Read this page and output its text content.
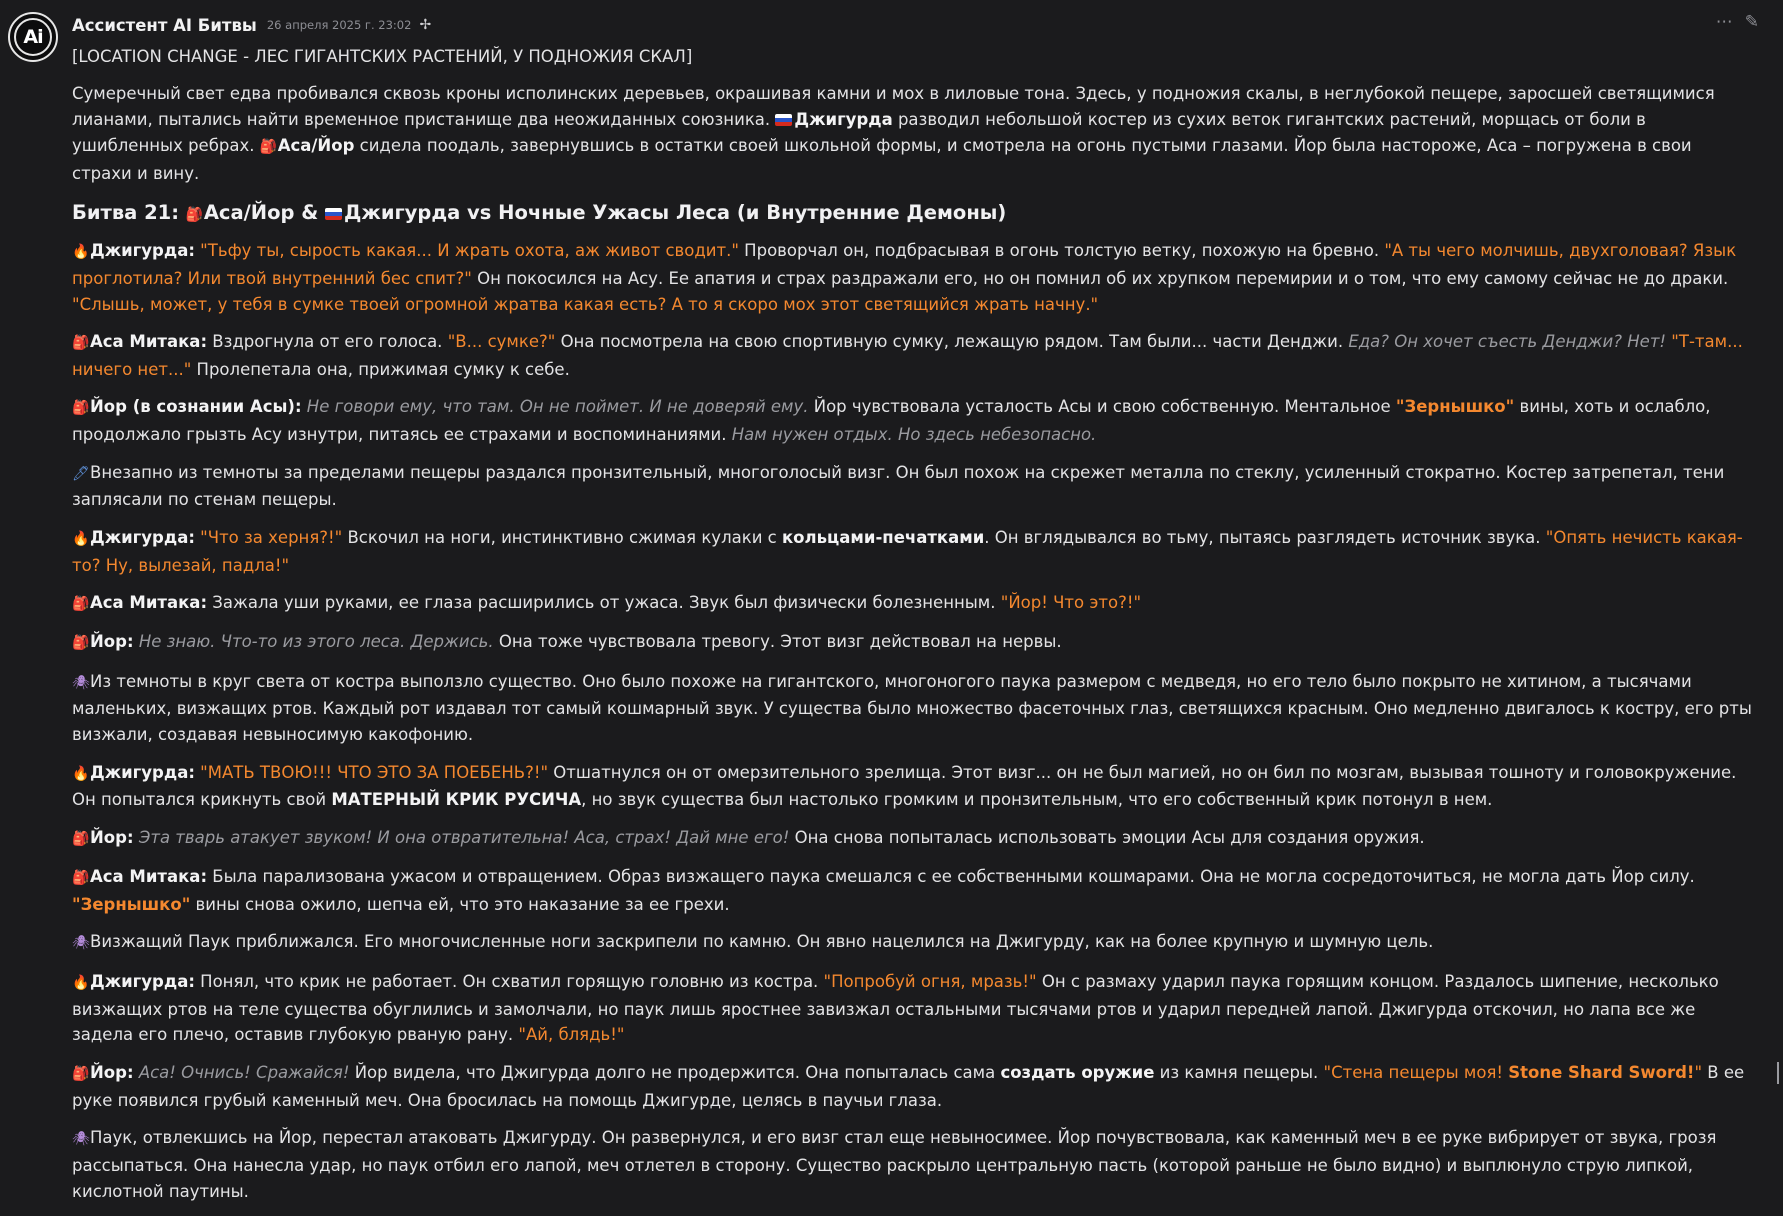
Ai
Ассистент AI Битвы 26 апреля 2025 г. 23:02 ✢	⋯ ✎
[LOCATION CHANGE - ЛЕС ГИГАНТСКИХ РАСТЕНИЙ, У ПОДНОЖИЯ СКАЛ]
Сумеречный свет едва пробивался сквозь кроны исполинских деревьев, окрашивая камни и мох в лиловые тона. Здесь, у подножия скалы, в неглубокой пещере, заросшей светящимися лианами, пытались найти временное пристанище два неожиданных союзника. Джигурда разводил небольшой костер из сухих веток гигантских растений, морщась от боли в ушибленных ребрах. 🎒Аса/Йор сидела поодаль, завернувшись в остатки своей школьной формы, и смотрела на огонь пустыми глазами. Йор была настороже, Аса – погружена в свои страхи и вину.
Битва 21: 🎒Аса/Йор & Джигурда vs Ночные Ужасы Леса (и Внутренние Демоны)
🔥Джигурда: "Тьфу ты, сырость какая... И жрать охота, аж живот сводит." Проворчал он, подбрасывая в огонь толстую ветку, похожую на бревно. "А ты чего молчишь, двухголовая? Язык проглотила? Или твой внутренний бес спит?" Он покосился на Асу. Ее апатия и страх раздражали его, но он помнил об их хрупком перемирии и о том, что ему самому сейчас не до драки. "Слышь, может, у тебя в сумке твоей огромной жратва какая есть? А то я скоро мох этот светящийся жрать начну."
🎒Аса Митака: Вздрогнула от его голоса. "В... сумке?" Она посмотрела на свою спортивную сумку, лежащую рядом. Там были... части Денджи. Еда? Он хочет съесть Денджи? Нет! "Т-там... ничего нет..." Пролепетала она, прижимая сумку к себе.
🎒Йор (в сознании Асы): Не говори ему, что там. Он не поймет. И не доверяй ему. Йор чувствовала усталость Асы и свою собственную. Ментальное "Зернышко" вины, хоть и ослабло, продолжало грызть Асу изнутри, питаясь ее страхами и воспоминаниями. Нам нужен отдых. Но здесь небезопасно.
🖊Внезапно из темноты за пределами пещеры раздался пронзительный, многоголосый визг. Он был похож на скрежет металла по стеклу, усиленный стократно. Костер затрепетал, тени заплясали по стенам пещеры.
🔥Джигурда: "Что за херня?!" Вскочил на ноги, инстинктивно сжимая кулаки с кольцами-печатками. Он вглядывался во тьму, пытаясь разглядеть источник звука. "Опять нечисть какая-то? Ну, вылезай, падла!"
🎒Аса Митака: Зажала уши руками, ее глаза расширились от ужаса. Звук был физически болезненным. "Йор! Что это?!"
🎒Йор: Не знаю. Что-то из этого леса. Держись. Она тоже чувствовала тревогу. Этот визг действовал на нервы.
🕷Из темноты в круг света от костра выползло существо. Оно было похоже на гигантского, многоногого паука размером с медведя, но его тело было покрыто не хитином, а тысячами маленьких, визжащих ртов. Каждый рот издавал тот самый кошмарный звук. У существа было множество фасеточных глаз, светящихся красным. Оно медленно двигалось к костру, его рты визжали, создавая невыносимую какофонию.
🔥Джигурда: "МАТЬ ТВОЮ!!! ЧТО ЭТО ЗА ПОЕБЕНЬ?!" Отшатнулся он от омерзительного зрелища. Этот визг... он не был магией, но он бил по мозгам, вызывая тошноту и головокружение. Он попытался крикнуть свой МАТЕРНЫЙ КРИК РУСИЧА, но звук существа был настолько громким и пронзительным, что его собственный крик потонул в нем.
🎒Йор: Эта тварь атакует звуком! И она отвратительна! Аса, страх! Дай мне его! Она снова попыталась использовать эмоции Асы для создания оружия.
🎒Аса Митака: Была парализована ужасом и отвращением. Образ визжащего паука смешался с ее собственными кошмарами. Она не могла сосредоточиться, не могла дать Йор силу. "Зернышко" вины снова ожило, шепча ей, что это наказание за ее грехи.
🕷Визжащий Паук приближался. Его многочисленные ноги заскрипели по камню. Он явно нацелился на Джигурду, как на более крупную и шумную цель.
🔥Джигурда: Понял, что крик не работает. Он схватил горящую головню из костра. "Попробуй огня, мразь!" Он с размаху ударил паука горящим концом. Раздалось шипение, несколько визжащих ртов на теле существа обуглились и замолчали, но паук лишь яростнее завизжал остальными тысячами ртов и ударил передней лапой. Джигурда отскочил, но лапа все же задела его плечо, оставив глубокую рваную рану. "Ай, блядь!"
🎒Йор: Аса! Очнись! Сражайся! Йор видела, что Джигурда долго не продержится. Она попыталась сама создать оружие из камня пещеры. "Стена пещеры моя! Stone Shard Sword!" В ее руке появился грубый каменный меч. Она бросилась на помощь Джигурде, целясь в паучьи глаза.
🕷Паук, отвлекшись на Йор, перестал атаковать Джигурду. Он развернулся, и его визг стал еще невыносимее. Йор почувствовала, как каменный меч в ее руке вибрирует от звука, грозя рассыпаться. Она нанесла удар, но паук отбил его лапой, меч отлетел в сторону. Существо раскрыло центральную пасть (которой раньше не было видно) и выплюнуло струю липкой, кислотной паутины.
